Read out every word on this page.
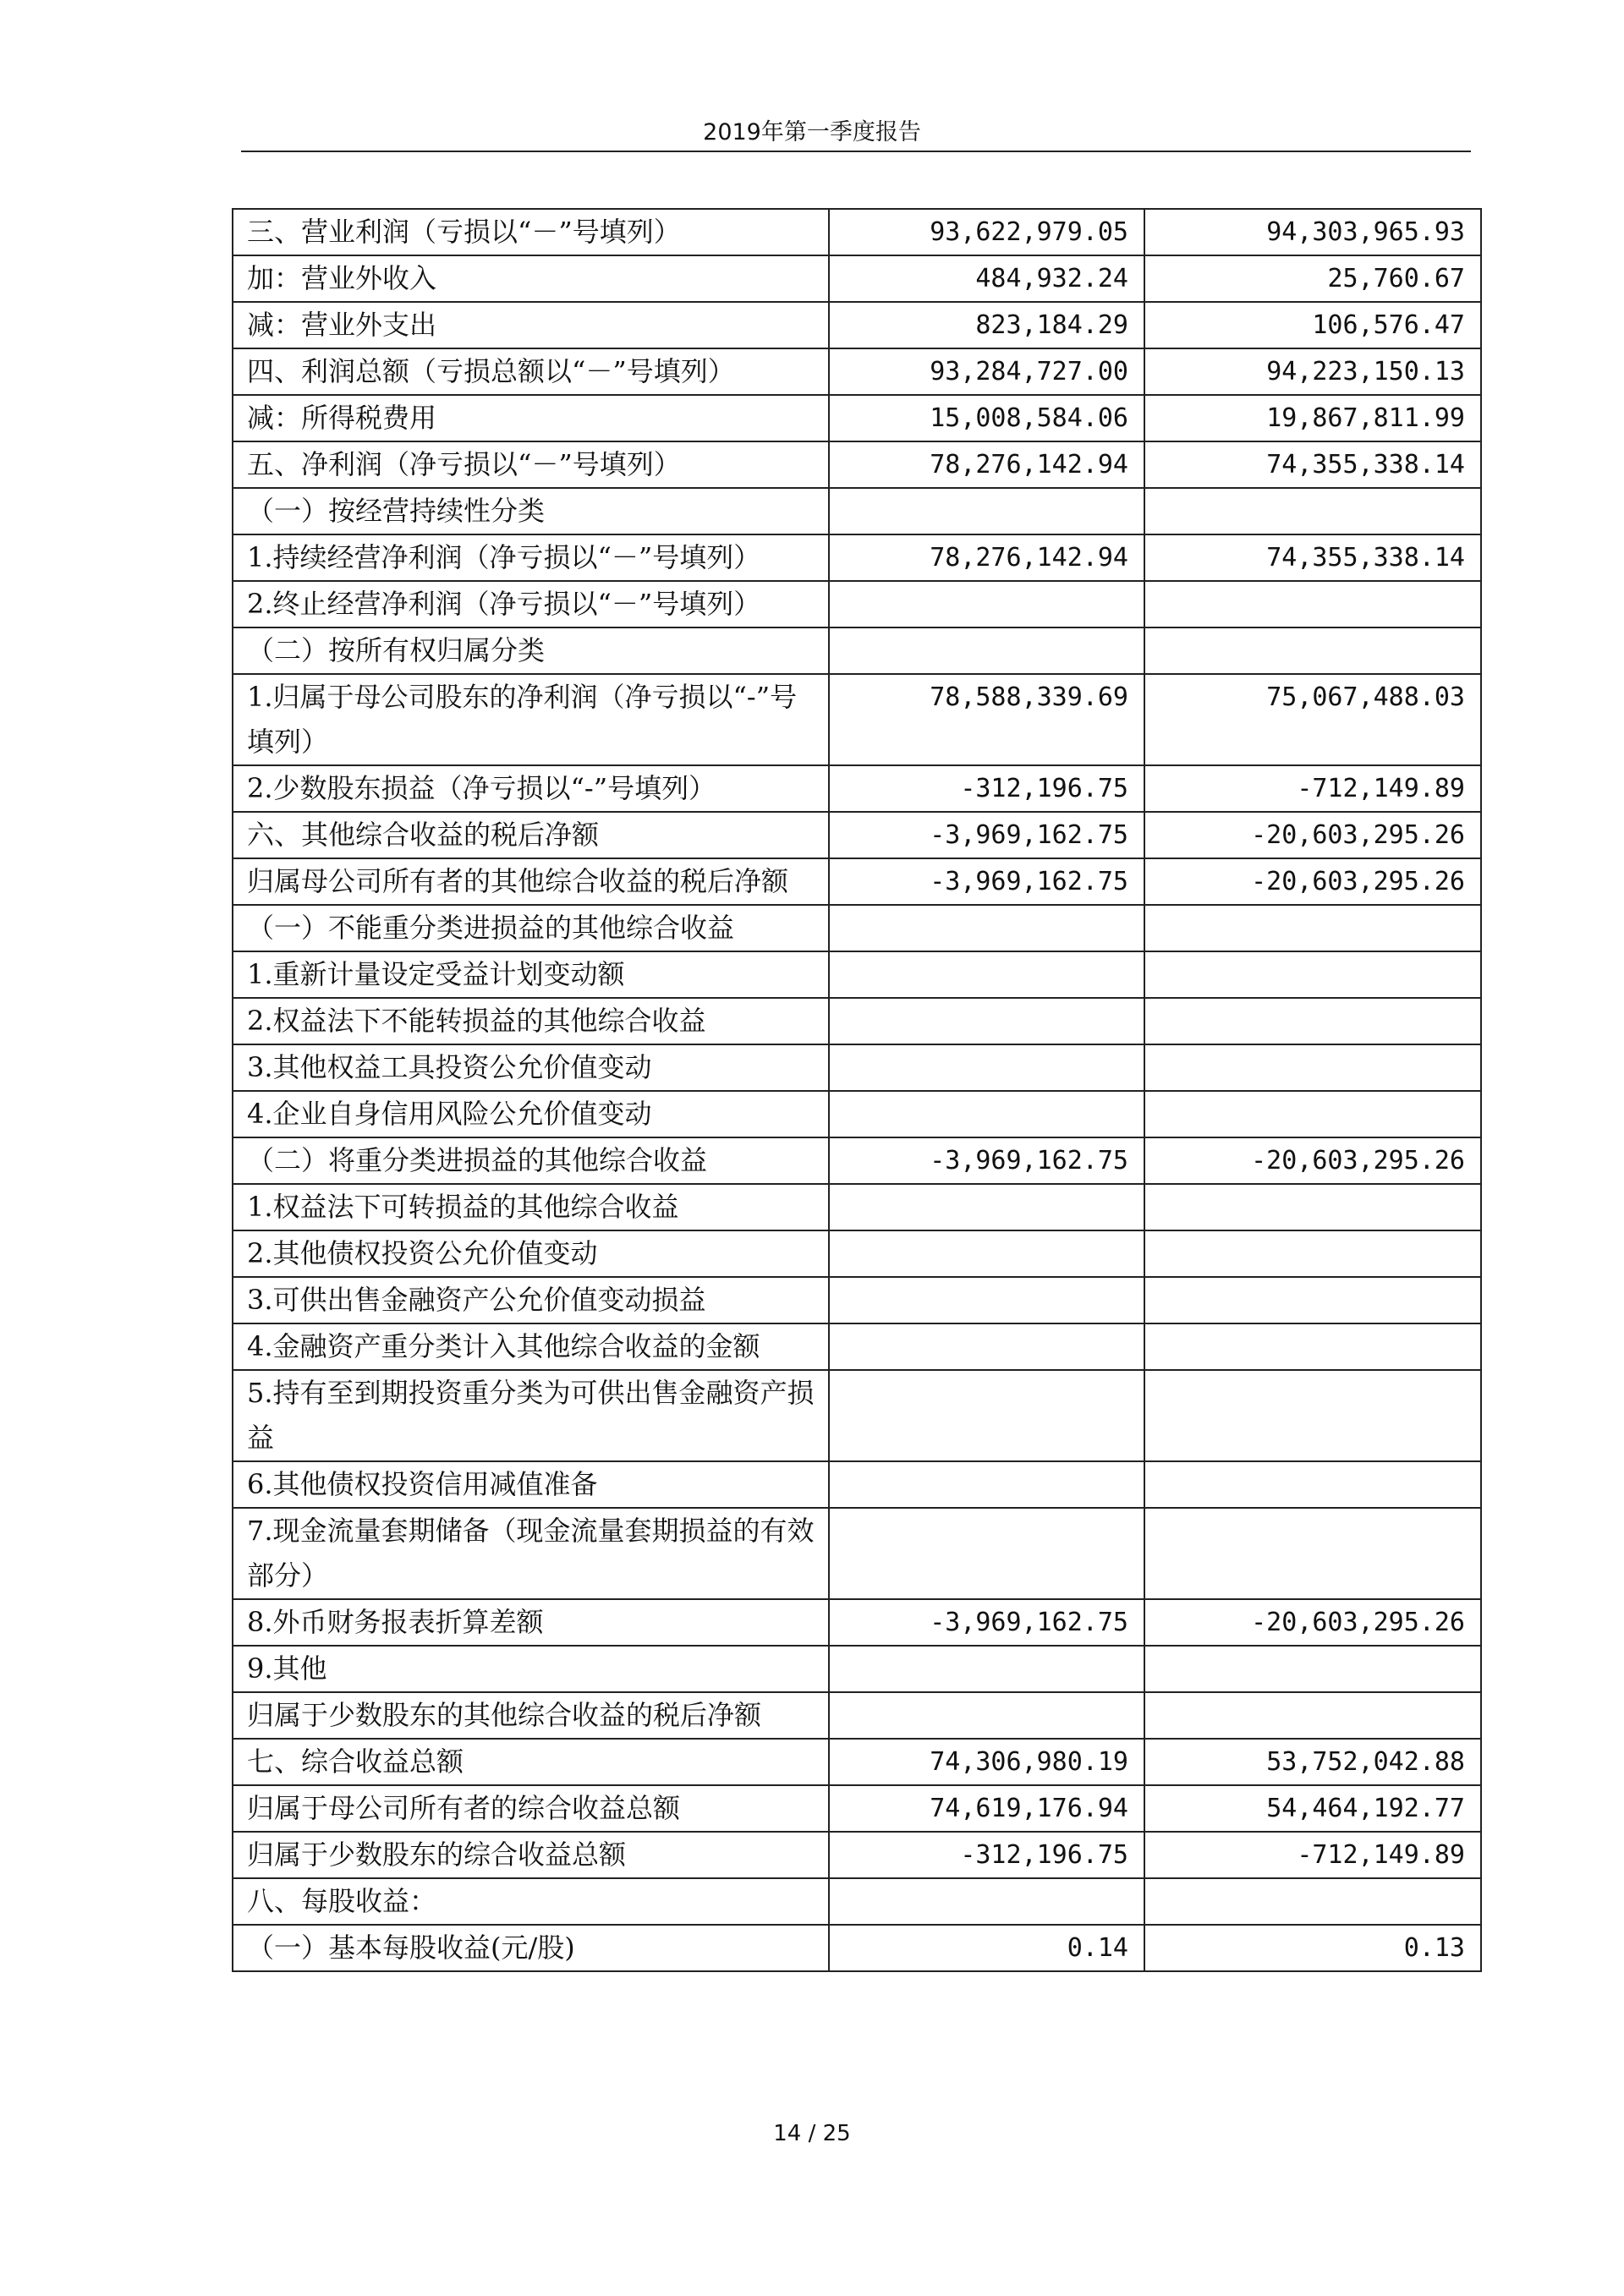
2019年第一季度报告
三、营业利润（亏损以“－”号填列）	93,622,979.05	94,303,965.93
加：营业外收入	484,932.24	25,760.67
减：营业外支出	823,184.29	106,576.47
四、利润总额（亏损总额以“－”号填列）	93,284,727.00	94,223,150.13
减：所得税费用	15,008,584.06	19,867,811.99
五、净利润（净亏损以“－”号填列）	78,276,142.94	74,355,338.14
（一）按经营持续性分类		
1.持续经营净利润（净亏损以“－”号填列）	78,276,142.94	74,355,338.14
2.终止经营净利润（净亏损以“－”号填列）		
（二）按所有权归属分类		
1.归属于母公司股东的净利润（净亏损以“-”号填列）	78,588,339.69	75,067,488.03
2.少数股东损益（净亏损以“-”号填列）	-312,196.75	-712,149.89
六、其他综合收益的税后净额	-3,969,162.75	-20,603,295.26
归属母公司所有者的其他综合收益的税后净额	-3,969,162.75	-20,603,295.26
（一）不能重分类进损益的其他综合收益		
1.重新计量设定受益计划变动额		
2.权益法下不能转损益的其他综合收益		
3.其他权益工具投资公允价值变动		
4.企业自身信用风险公允价值变动		
（二）将重分类进损益的其他综合收益	-3,969,162.75	-20,603,295.26
1.权益法下可转损益的其他综合收益		
2.其他债权投资公允价值变动		
3.可供出售金融资产公允价值变动损益		
4.金融资产重分类计入其他综合收益的金额		
5.持有至到期投资重分类为可供出售金融资产损益		
6.其他债权投资信用减值准备		
7.现金流量套期储备（现金流量套期损益的有效部分）		
8.外币财务报表折算差额	-3,969,162.75	-20,603,295.26
9.其他		
归属于少数股东的其他综合收益的税后净额		
七、综合收益总额	74,306,980.19	53,752,042.88
归属于母公司所有者的综合收益总额	74,619,176.94	54,464,192.77
归属于少数股东的综合收益总额	-312,196.75	-712,149.89
八、每股收益：		
（一）基本每股收益(元/股)	0.14	0.13
14 / 25
